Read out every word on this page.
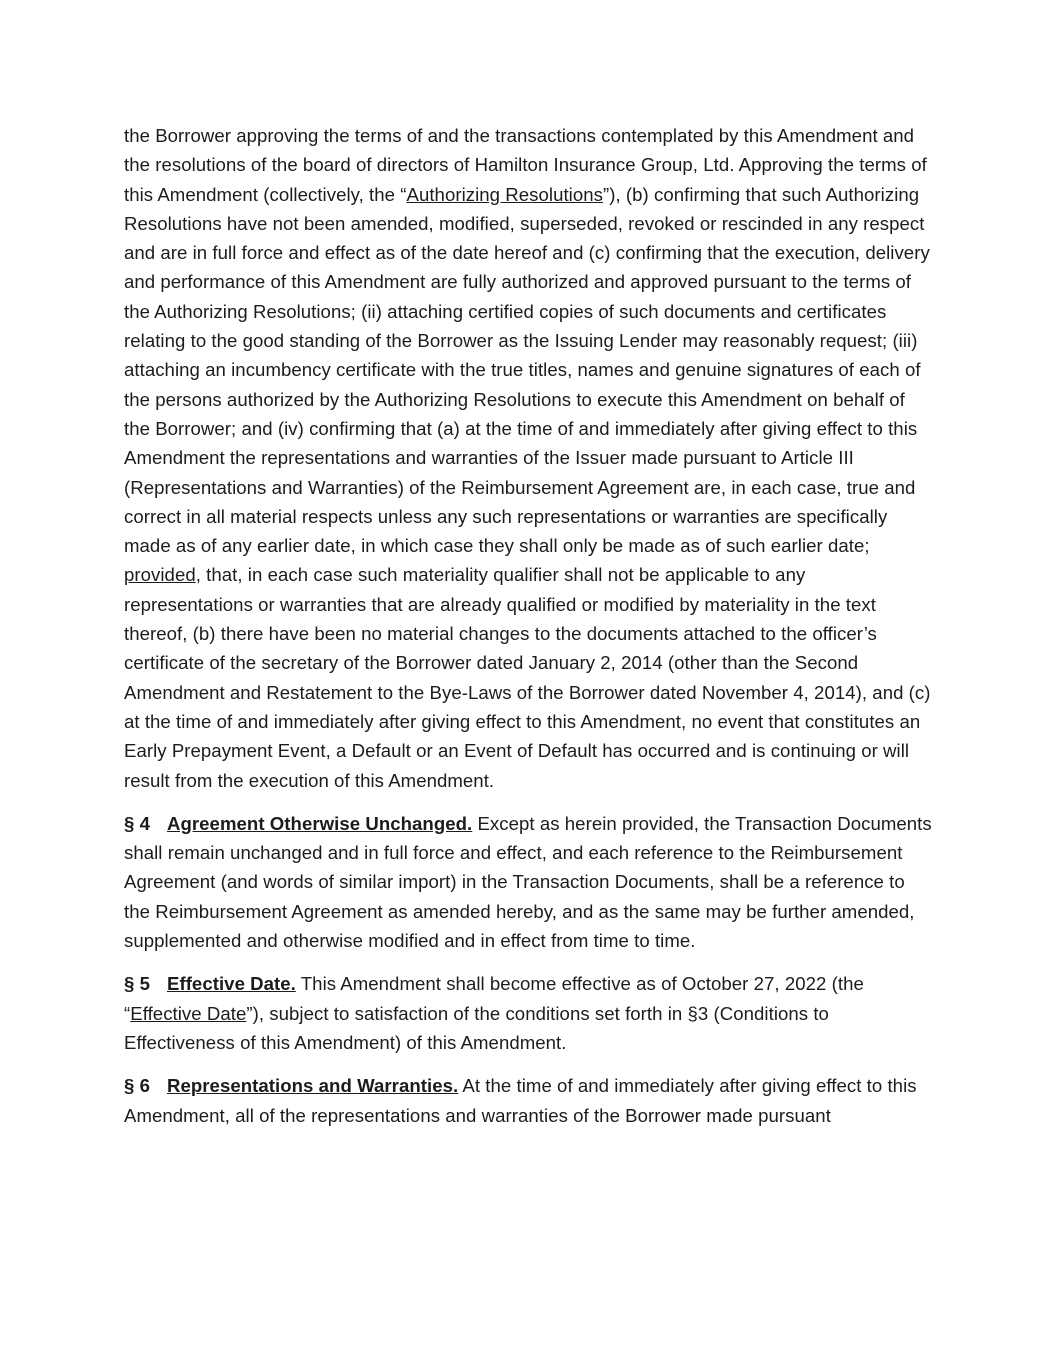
the Borrower approving the terms of and the transactions contemplated by this Amendment and the resolutions of the board of directors of Hamilton Insurance Group, Ltd. Approving the terms of this Amendment (collectively, the “Authorizing Resolutions”), (b) confirming that such Authorizing Resolutions have not been amended, modified, superseded, revoked or rescinded in any respect and are in full force and effect as of the date hereof and (c) confirming that the execution, delivery and performance of this Amendment are fully authorized and approved pursuant to the terms of the Authorizing Resolutions; (ii) attaching certified copies of such documents and certificates relating to the good standing of the Borrower as the Issuing Lender may reasonably request; (iii) attaching an incumbency certificate with the true titles, names and genuine signatures of each of the persons authorized by the Authorizing Resolutions to execute this Amendment on behalf of the Borrower; and (iv) confirming that (a) at the time of and immediately after giving effect to this Amendment the representations and warranties of the Issuer made pursuant to Article III (Representations and Warranties) of the Reimbursement Agreement are, in each case, true and correct in all material respects unless any such representations or warranties are specifically made as of any earlier date, in which case they shall only be made as of such earlier date; provided, that, in each case such materiality qualifier shall not be applicable to any representations or warranties that are already qualified or modified by materiality in the text thereof, (b) there have been no material changes to the documents attached to the officer’s certificate of the secretary of the Borrower dated January 2, 2014 (other than the Second Amendment and Restatement to the Bye-Laws of the Borrower dated November 4, 2014), and (c) at the time of and immediately after giving effect to this Amendment, no event that constitutes an Early Prepayment Event, a Default or an Event of Default has occurred and is continuing or will result from the execution of this Amendment.

§ 4 Agreement Otherwise Unchanged. Except as herein provided, the Transaction Documents shall remain unchanged and in full force and effect, and each reference to the Reimbursement Agreement (and words of similar import) in the Transaction Documents, shall be a reference to the Reimbursement Agreement as amended hereby, and as the same may be further amended, supplemented and otherwise modified and in effect from time to time.

§ 5 Effective Date. This Amendment shall become effective as of October 27, 2022 (the “Effective Date”), subject to satisfaction of the conditions set forth in §3 (Conditions to Effectiveness of this Amendment) of this Amendment.

§ 6 Representations and Warranties. At the time of and immediately after giving effect to this Amendment, all of the representations and warranties of the Borrower made pursuant
